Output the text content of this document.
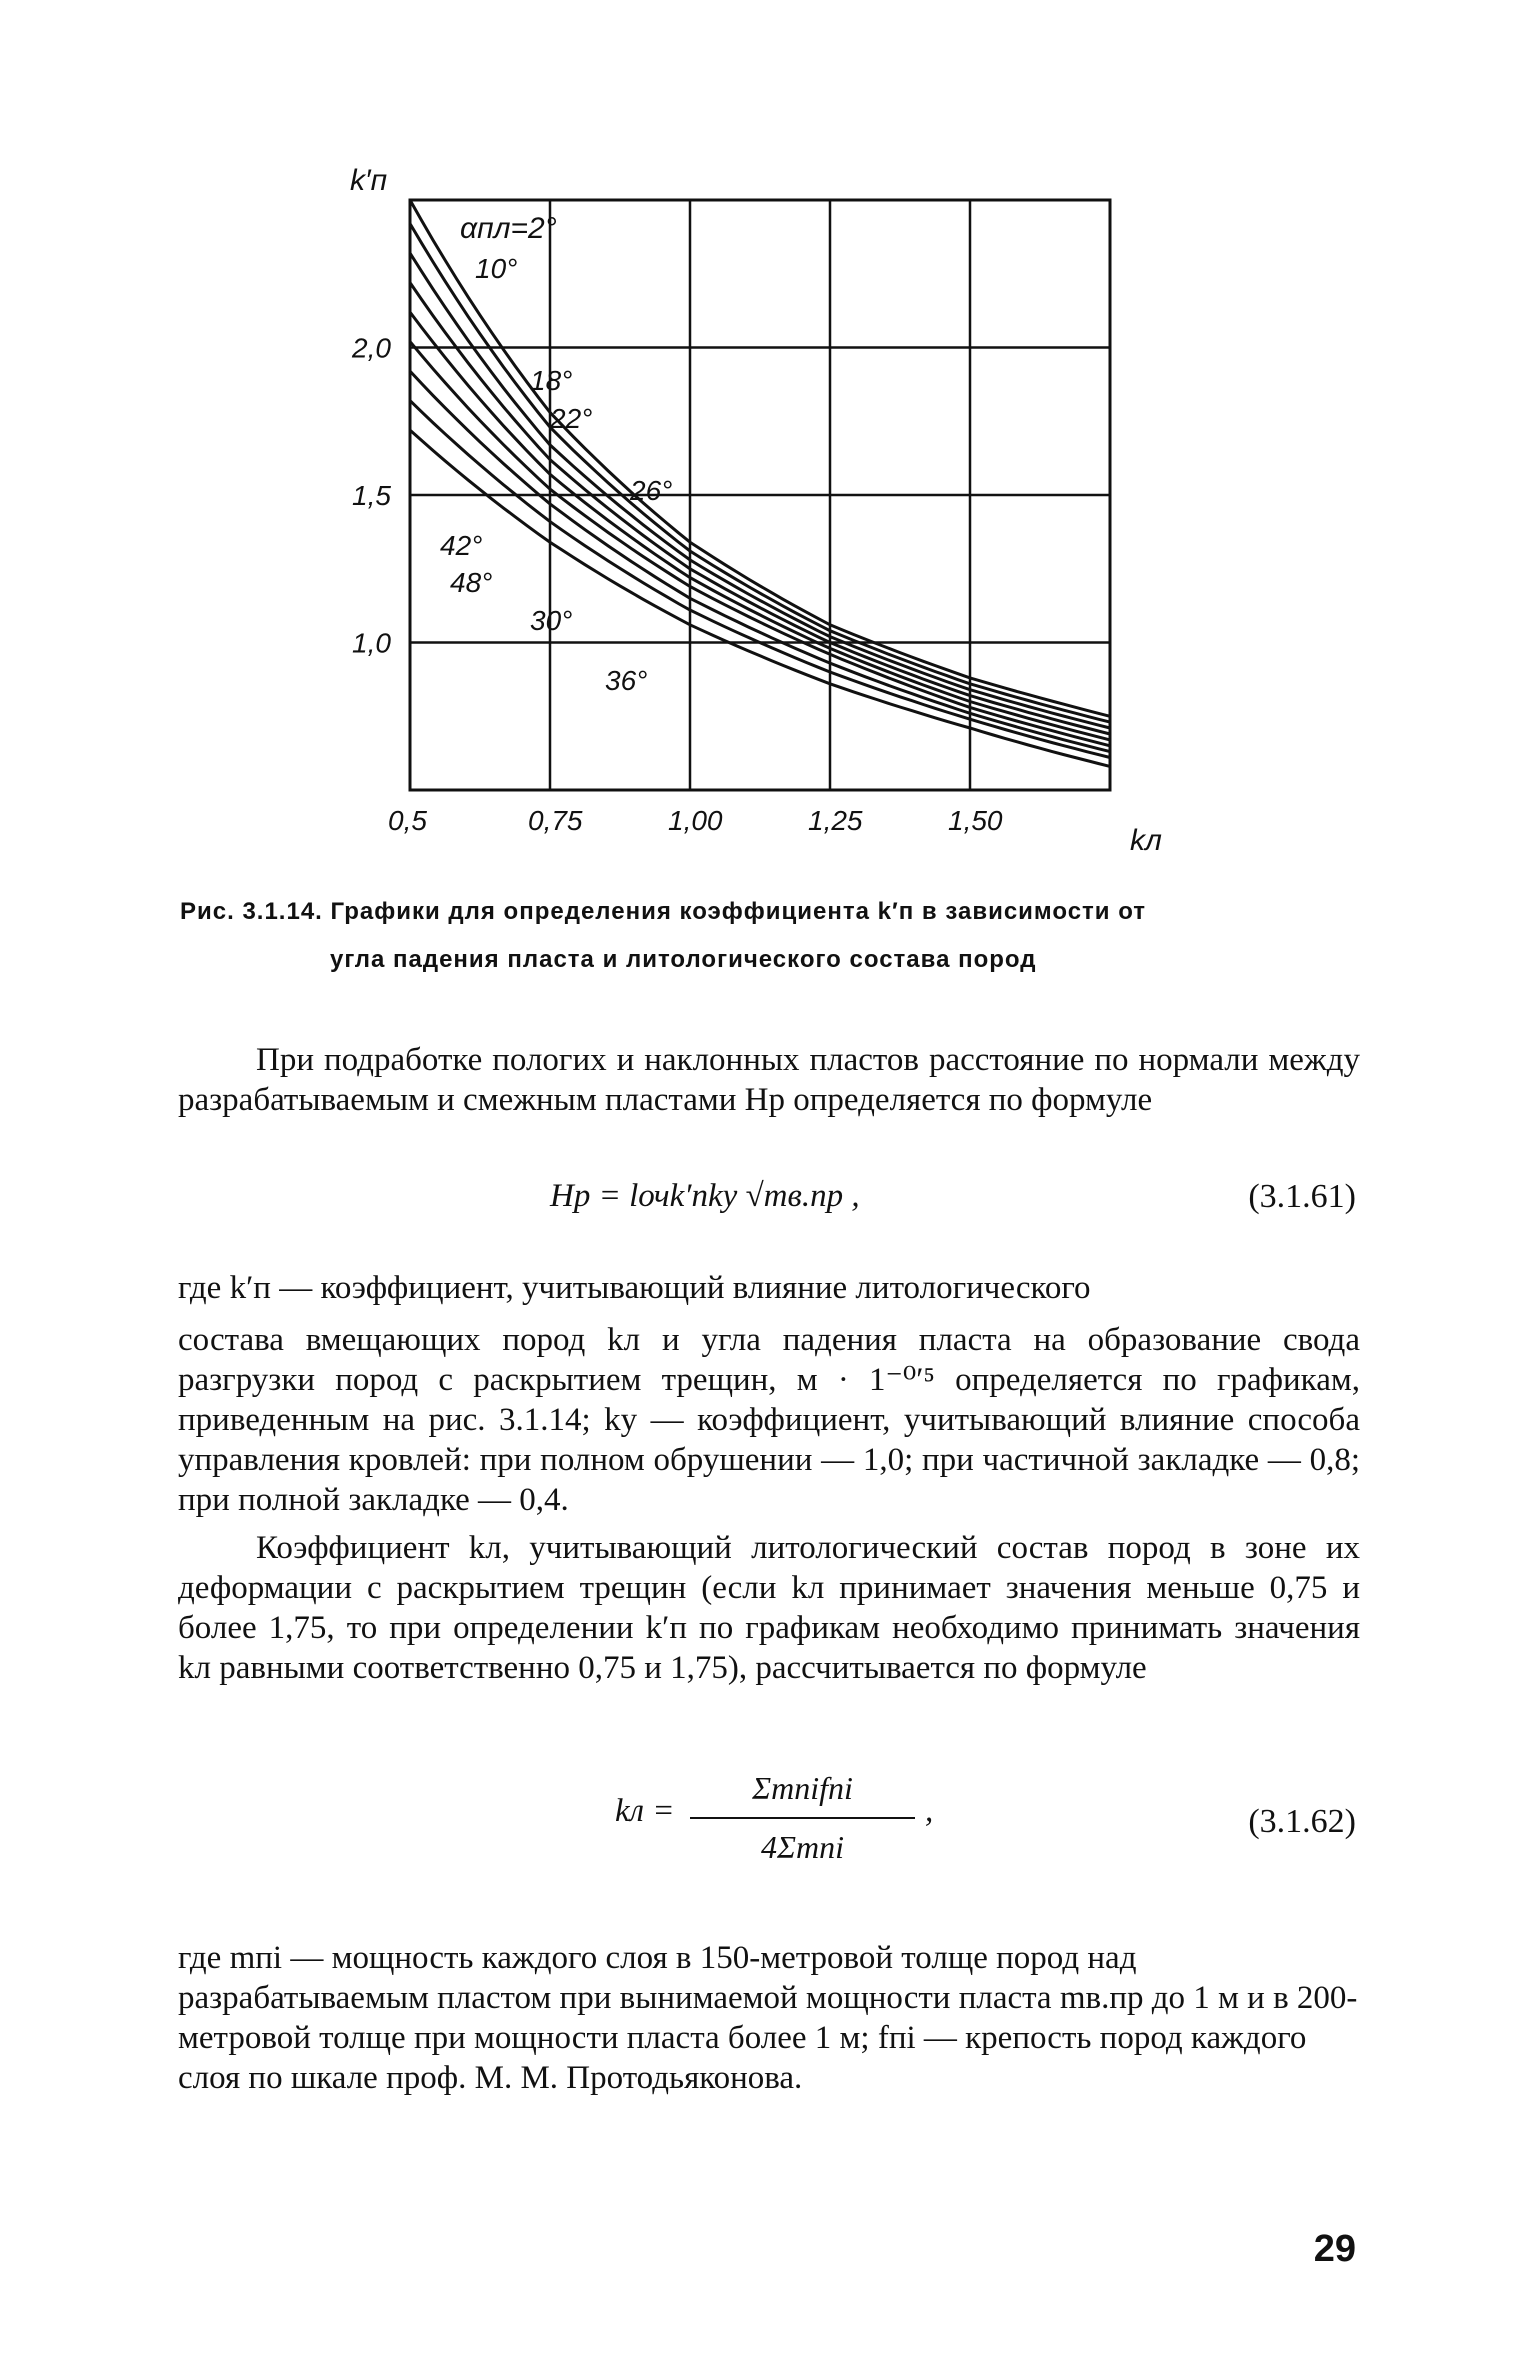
0,5	0,75	1,00	1,25	1,50
1,0
1,5
2,0
αпл=2°
10°
18°
22°
26°
30°
36°
42°
48°
k′п
kл
Рис. 3.1.14. Графики для определения коэффициента k′п в зависимости от
угла падения пласта и литологического состава пород
При подработке пологих и наклонных пластов расстояние по нормали между разрабатываемым и смежным пластами Hр определяется по формуле
Hр = lочk′пkу √mв.пр ,	(3.1.61)
где k′п — коэффициент, учитывающий влияние литологического
состава вмещающих пород kл и угла падения пласта на образование свода разгрузки пород с раскрытием трещин, м · 1⁻⁰′⁵ определяется по графикам, приведенным на рис. 3.1.14; kу — коэффициент, учитывающий влияние способа управления кровлей: при полном обрушении — 1,0; при частичной закладке — 0,8; при полной закладке — 0,4.
Коэффициент kл, учитывающий литологический состав пород в зоне их деформации с раскрытием трещин (если kл принимает значения меньше 0,75 и более 1,75, то при определении k′п по графикам необходимо принимать значения kл равными соответственно 0,75 и 1,75), рассчитывается по формуле
kл =
Σmпifпi
4Σmпi
,	(3.1.62)
где mпi — мощность каждого слоя в 150-метровой толще пород над разрабатываемым пластом при вынимаемой мощности пласта mв.пр до 1 м и в 200-метровой толще при мощности пласта более 1 м; fпi — крепость пород каждого слоя по шкале проф. М. М. Протодьяконова.
29
